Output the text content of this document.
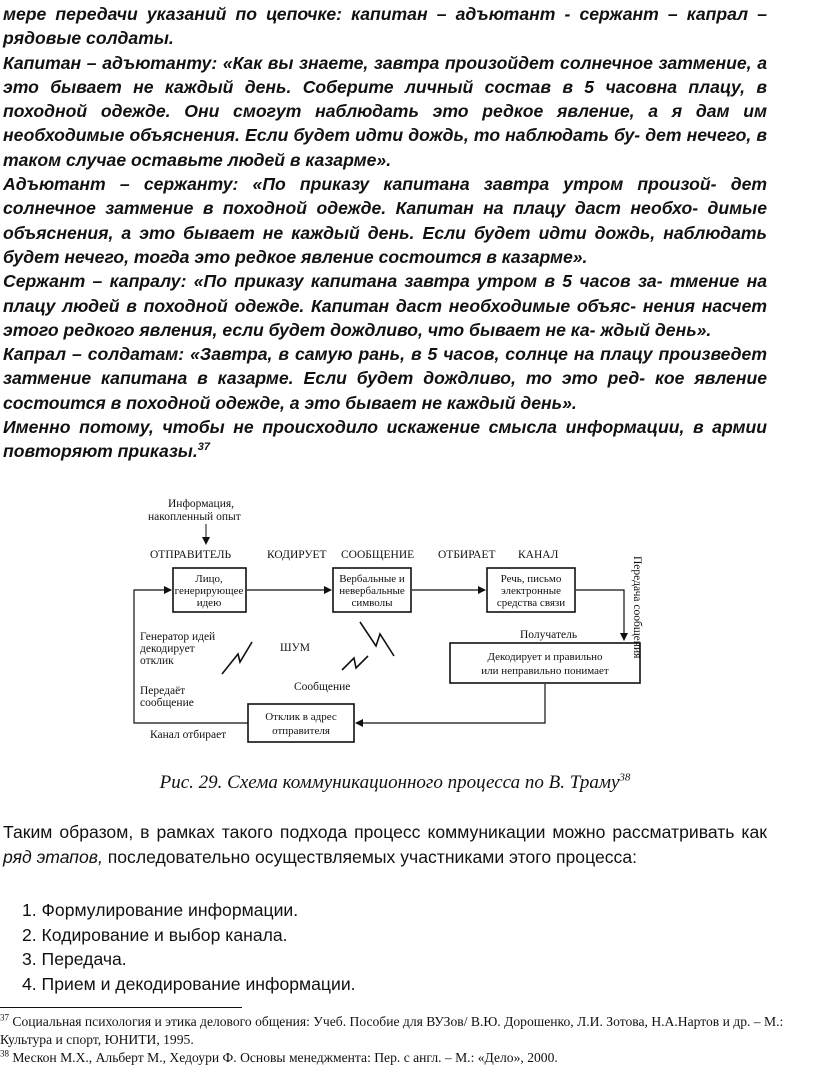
мере передачи указаний по цепочке: капитан – адъютант - сержант – капрал – рядовые солдаты.

Капитан – адъютанту: «Как вы знаете, завтра произойдет солнечное затмение, а это бывает не каждый день. Соберите личный состав в 5 часовна плацу, в походной одежде. Они смогут наблюдать это редкое явление, а я дам им необходимые объяснения. Если будет идти дождь, то наблюдать бу- дет нечего, в таком случае оставьте людей в казарме».

Адъютант – сержанту: «По приказу капитана завтра утром произой- дет солнечное затмение в походной одежде. Капитан на плацу даст необхо- димые объяснения, а это бывает не каждый день. Если будет идти дождь, наблюдать будет нечего, тогда это редкое явление состоится в казарме».

Сержант – капралу: «По приказу капитана завтра утром в 5 часов за- тмение на плацу людей в походной одежде. Капитан даст необходимые объяс- нения насчет этого редкого явления, если будет дождливо, что бывает не ка- ждый день».

Капрал – солдатам: «Завтра, в самую рань, в 5 часов, солнце на плацу произведет затмение капитана в казарме. Если будет дождливо, то это ред- кое явление состоится в походной одежде, а это бывает не каждый день».

Именно потому, чтобы не происходило искажение смысла информации, в армии повторяют приказы.$^{37}$

Информация,
накопленный опыт
ОТПРАВИТЕЛЬ	КОДИРУЕТ СООБЩЕНИЕ ОТБИРАЕТ КАНАЛ
Передача сообщения
Лицо,
генерирующее
идею
Вербальные и
невербальные
символы
Речь, письмо
электронные
средства связи
Получатель
Декодирует и правильно
или неправильно понимает
Отклик в адрес
отправителя
Генератор идей
декодирует
отклик
Передаёт
сообщение
Канал отбирает
ШУМ
Сообщение
Рис. 29. Схема коммуникационного процесса по В. Траму$^{38}$

Таким образом, в рамках такого подхода процесс коммуникации можно рассматривать как ряд этапов, последовательно осуществляемых участниками этого процесса:

1. Формулирование информации.
2. Кодирование и выбор канала.
3. Передача.
4. Прием и декодирование информации.

$^{37}$ Социальная психология и этика делового общения: Учеб. Пособие для ВУЗов/ В.Ю. Дорошенко, Л.И. Зотова, Н.А.Нартов и др. – М.: Культура и спорт, ЮНИТИ, 1995.

$^{38}$ Мескон М.Х., Альберт М., Хедоури Ф. Основы менеджмента: Пер. с англ. – М.: «Дело», 2000.
